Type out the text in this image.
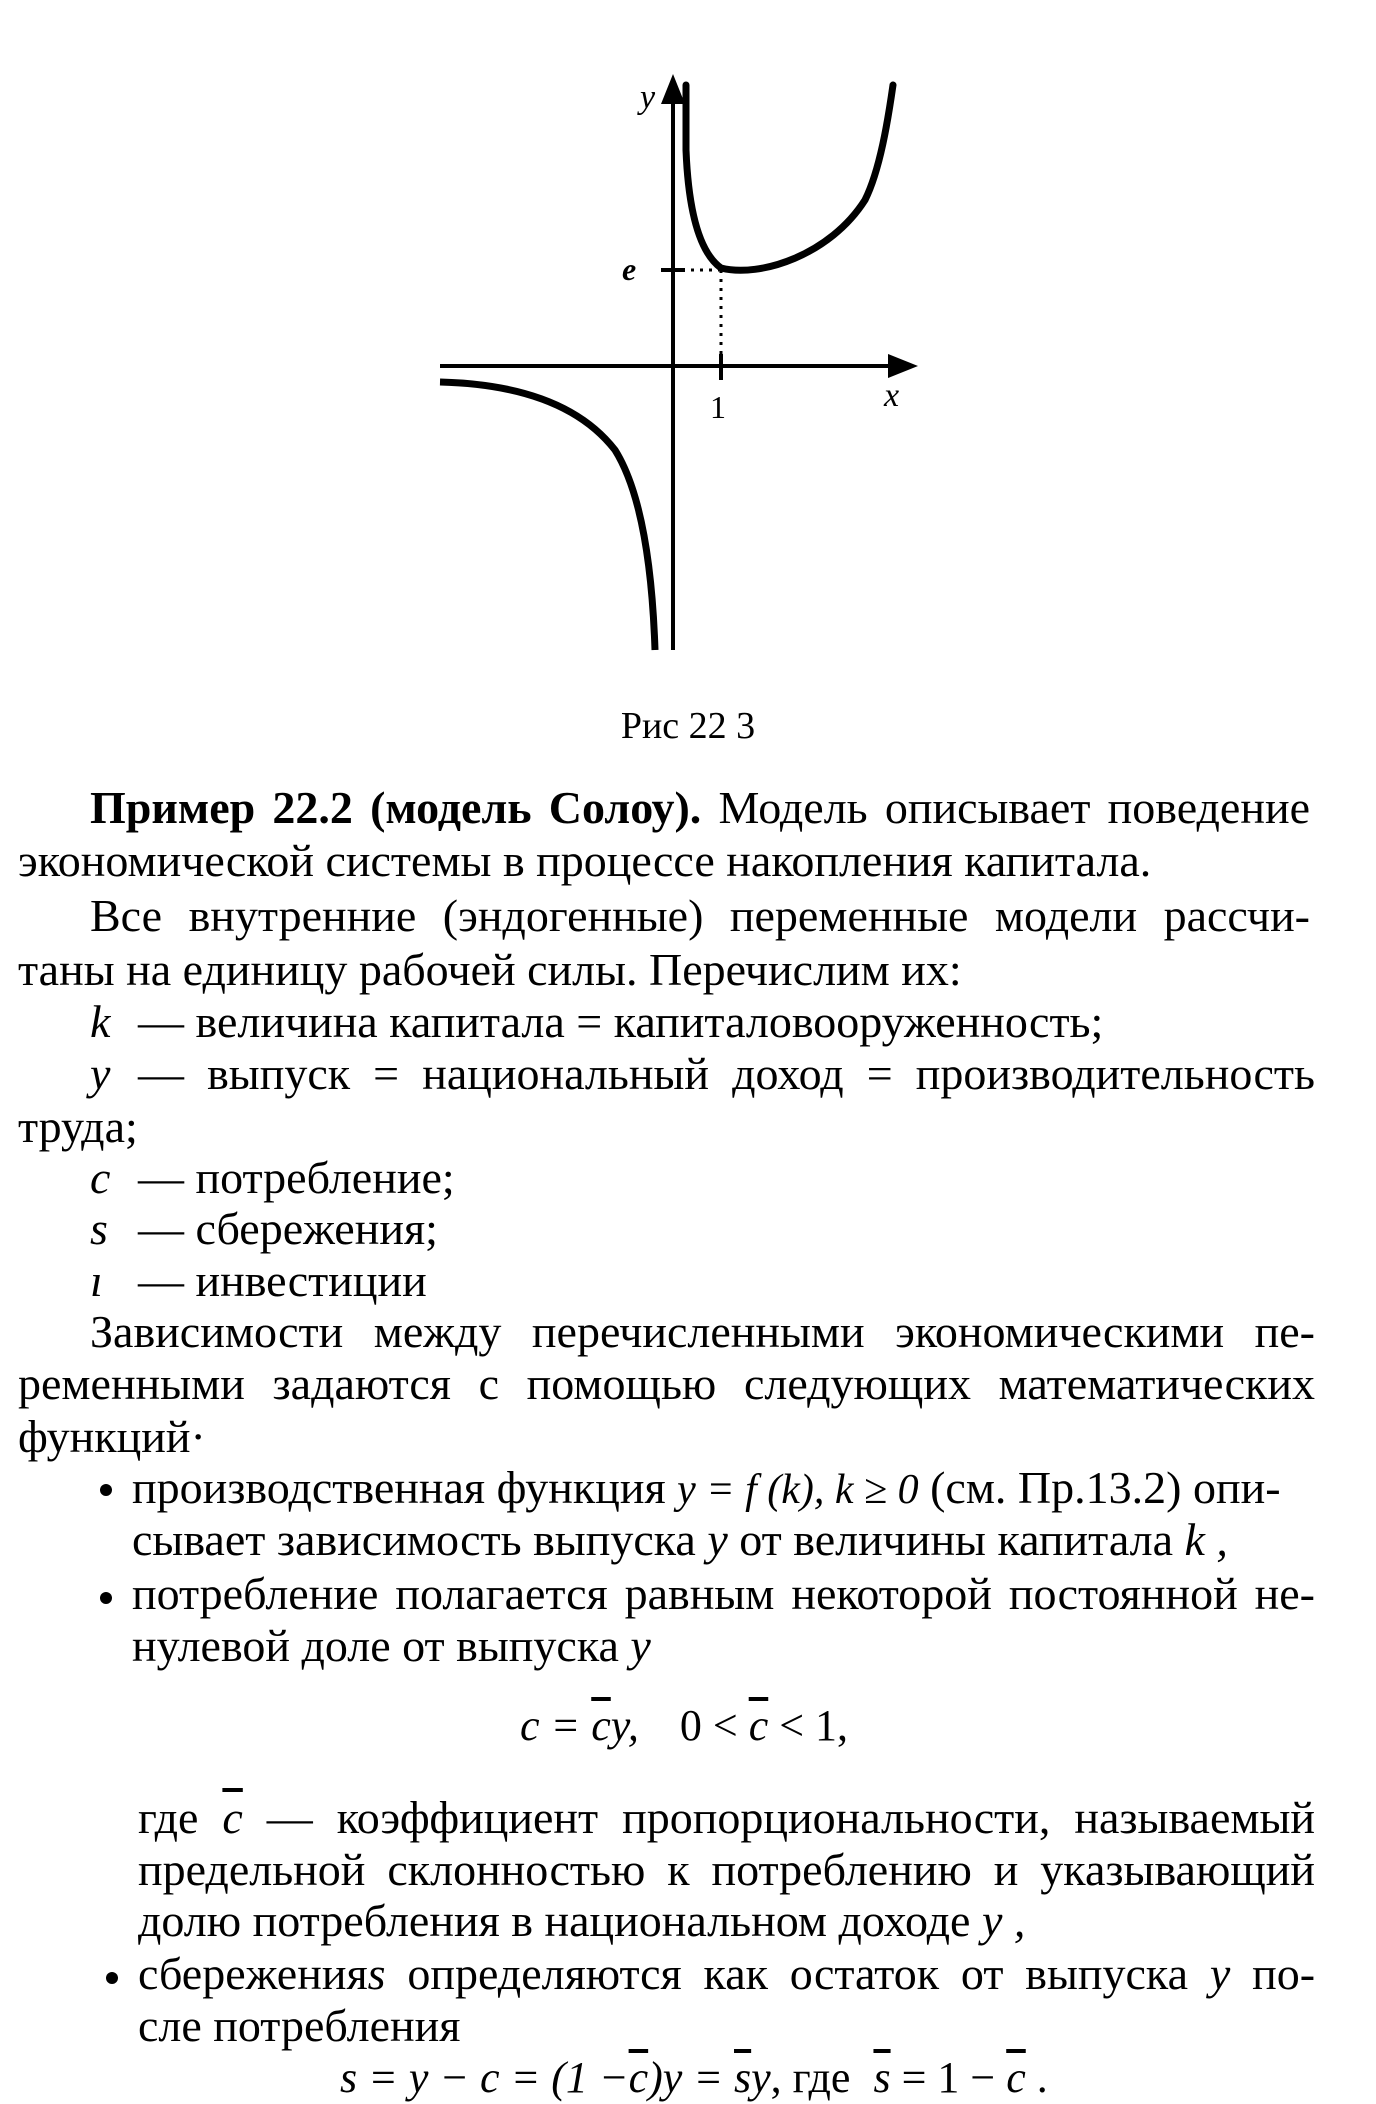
y
x
e
1
Рис 22 3
Пример 22.2 (модель Солоу). Модель описывает поведение
экономической системы в процессе накопления капитала.
Все внутренние (эндогенные) переменные модели рассчи-
таны на единицу рабочей силы. Перечислим их:
k — величина капитала = капиталовооруженность;
y — выпуск = национальный доход = производительность
труда;
c — потребление;
s — сбережения;
ı — инвестиции
Зависимости между перечисленными экономическими пе-
ременными задаются с помощью следующих математических
функций·
производственная функция y = f (k), k ≥ 0 (см. Пр.13.2) опи-
сывает зависимость выпуска y от величины капитала k ,
потребление полагается равным некоторой постоянной не-
нулевой доле от выпуска y
$c = \overline{c}y$, $0 < \overline{c} < 1$,
где $\overline{c}$ — коэффициент пропорциональности, называемый
предельной склонностью к потреблению и указывающий
долю потребления в национальном доходе y ,
сбереженияs определяются как остаток от выпуска y по-
сле потребления
$s = y - c = (1 -\overline{c})y = \overline{s}y$, где $\overline{s} = 1 - \overline{c}$ .
